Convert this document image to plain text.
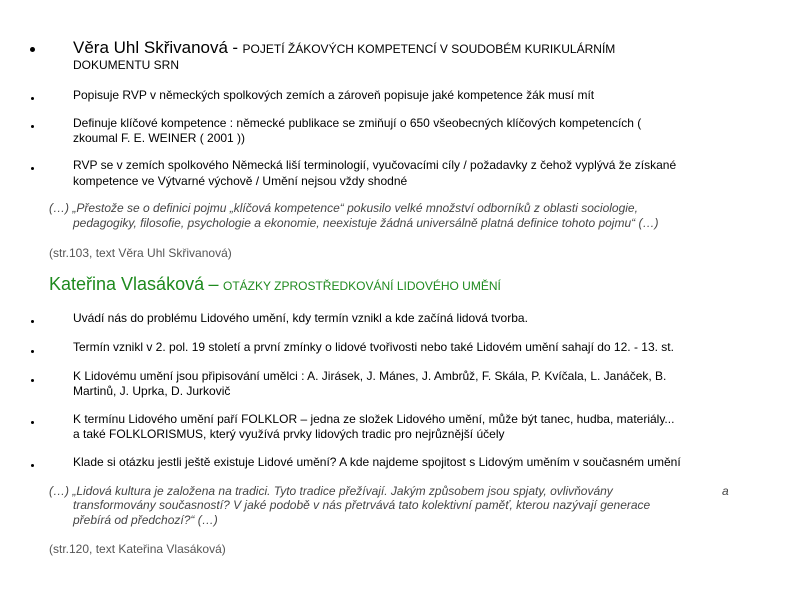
Věra Uhl Skřivanová - POJETÍ ŽÁKOVÝCH KOMPETENCÍ V SOUDOBÉM KURIKULÁRNÍM
DOKUMENTU SRN
Popisuje RVP v německých spolkových zemích a zároveň popisuje jaké kompetence žák musí mít
Definuje klíčové kompetence : německé publikace se zmiňují o 650 všeobecných klíčových kompetencích (
zkoumal F. E. WEINER ( 2001 ))
RVP se v zemích spolkového Německá liší terminologií, vyučovacími cíly / požadavky z čehož vyplývá že získané
kompetence ve Výtvarné výchově / Umění nejsou vždy shodné
(…) „Přestože se o definici pojmu „klíčová kompetence“ pokusilo velké množství odborníků z oblasti sociologie,
pedagogiky, filosofie, psychologie a ekonomie, neexistuje žádná universálně platná definice tohoto pojmu“ (…)
(str.103, text Věra Uhl Skřivanová)
Kateřina Vlasáková – OTÁZKY ZPROSTŘEDKOVÁNÍ LIDOVÉHO UMĚNÍ
Uvádí nás do problému Lidového umění, kdy termín vznikl a kde začíná lidová tvorba.
Termín vznikl v 2. pol. 19 století a první zmínky o lidové tvořivosti nebo také Lidovém umění sahají do 12. - 13. st.
K Lidovému umění jsou připisování umělci : A. Jirásek, J. Mánes, J. Ambrůž, F. Skála, P. Kvíčala, L. Janáček, B.
Martinů, J. Uprka, D. Jurkovič
K termínu Lidového umění paří FOLKLOR – jedna ze složek Lidového umění, může být tanec, hudba, materiály...
a také FOLKLORISMUS, který využívá prvky lidových tradic pro nejrůznější účely
Klade si otázku jestli ještě existuje Lidové umění? A kde najdeme spojitost s Lidovým uměním v současném umění
(…) „Lidová kultura je založena na tradici. Tyto tradice přežívají. Jakým způsobem jsou spjaty, ovlivňovány	a
transformovány současností? V jaké podobě v nás přetrvává tato kolektivní paměť, kterou nazývají generace
přebírá od předchozí?“ (…)
(str.120, text Kateřina Vlasáková)
